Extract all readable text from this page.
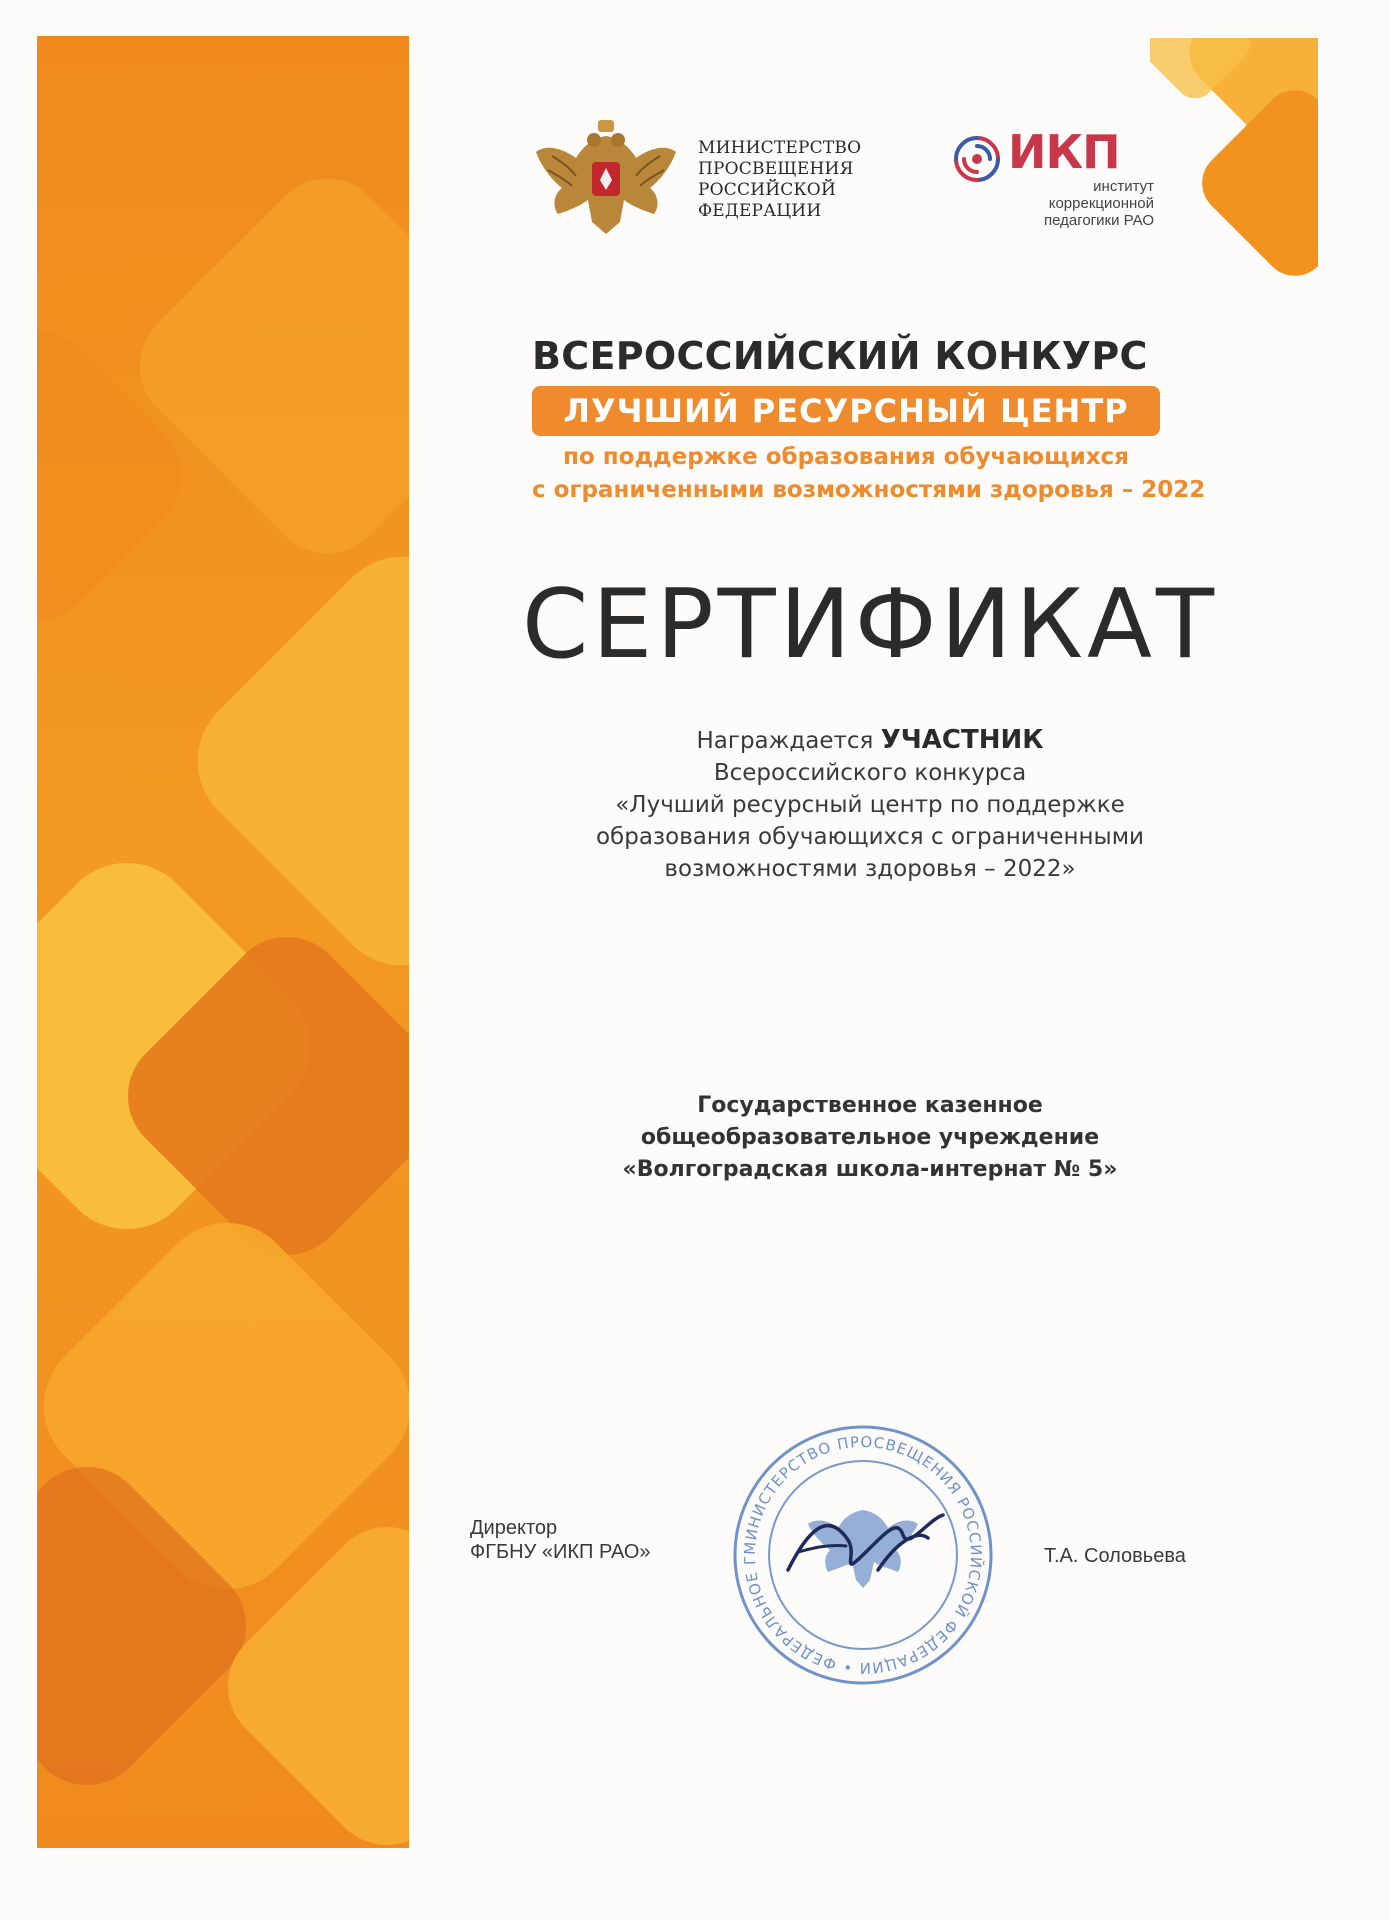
МИНИСТЕРСТВО
ПРОСВЕЩЕНИЯ
РОССИЙСКОЙ
ФЕДЕРАЦИИ
ИКП
институт
коррекционной
педагогики РАО
ВСЕРОССИЙСКИЙ КОНКУРС
ЛУЧШИЙ РЕСУРСНЫЙ ЦЕНТР
по поддержке образования обучающихся
с ограниченными возможностями здоровья – 2022
СЕРТИФИКАТ
Награждается УЧАСТНИК
Всероссийского конкурса
«Лучший ресурсный центр по поддержке
образования обучающихся с ограниченными
возможностями здоровья – 2022»
Государственное казенное
общеобразовательное учреждение
«Волгоградская школа-интернат № 5»
Директор
ФГБНУ «ИКП РАО»	МИНИСТЕРСТВО ПРОСВЕЩЕНИЯ РОССИЙСКОЙ ФЕДЕРАЦИИ • ФЕДЕРАЛЬНОЕ Г	Т.А. Соловьева
